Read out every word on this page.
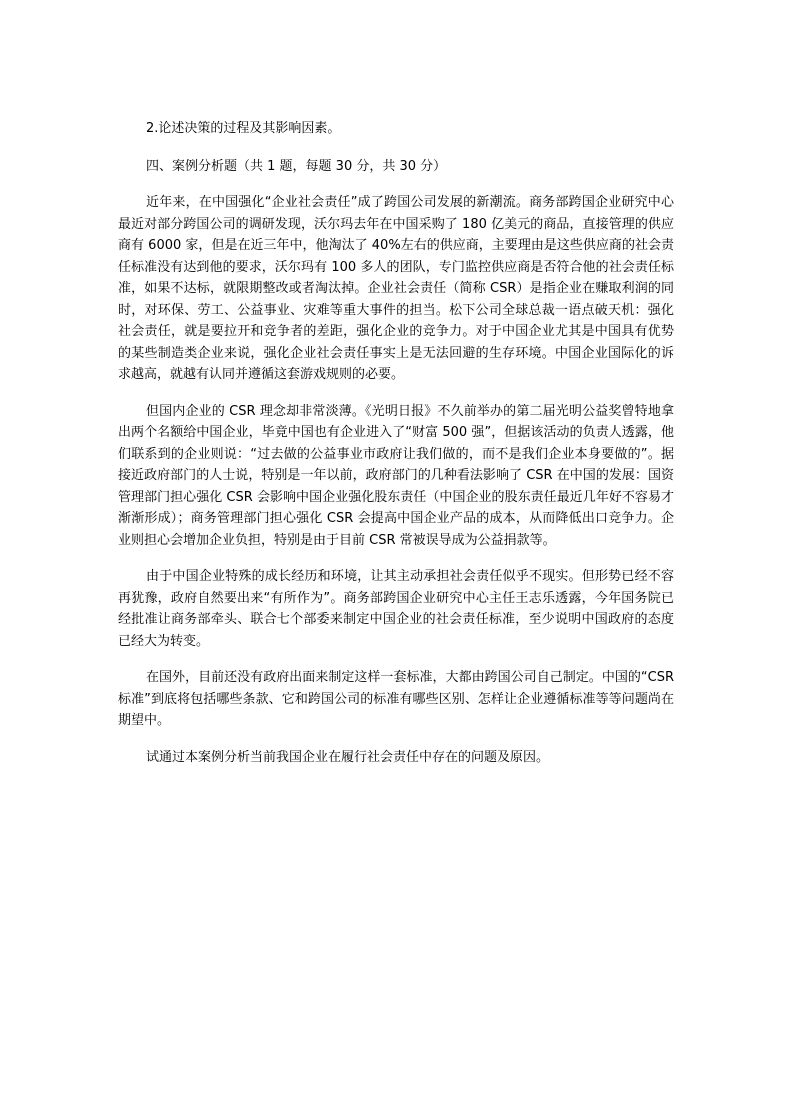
2.论述决策的过程及其影响因素。

四、案例分析题（共 1 题，每题 30 分，共 30 分）

近年来，在中国强化“企业社会责任”成了跨国公司发展的新潮流。商务部跨国企业研究中心最近对部分跨国公司的调研发现，沃尔玛去年在中国采购了 180 亿美元的商品，直接管理的供应商有 6000 家，但是在近三年中，他淘汰了 40%左右的供应商，主要理由是这些供应商的社会责任标准没有达到他的要求，沃尔玛有 100 多人的团队，专门监控供应商是否符合他的社会责任标准，如果不达标，就限期整改或者淘汰掉。企业社会责任（简称 CSR）是指企业在赚取利润的同时，对环保、劳工、公益事业、灾难等重大事件的担当。松下公司全球总裁一语点破天机：强化社会责任，就是要拉开和竞争者的差距，强化企业的竞争力。对于中国企业尤其是中国具有优势的某些制造类企业来说，强化企业社会责任事实上是无法回避的生存环境。中国企业国际化的诉求越高，就越有认同并遵循这套游戏规则的必要。

但国内企业的 CSR 理念却非常淡薄。《光明日报》不久前举办的第二届光明公益奖曾特地拿出两个名额给中国企业，毕竟中国也有企业进入了“财富 500 强”，但据该活动的负责人透露，他们联系到的企业则说：“过去做的公益事业市政府让我们做的，而不是我们企业本身要做的”。据接近政府部门的人士说，特别是一年以前，政府部门的几种看法影响了 CSR 在中国的发展：国资管理部门担心强化 CSR 会影响中国企业强化股东责任（中国企业的股东责任最近几年好不容易才渐渐形成）；商务管理部门担心强化 CSR 会提高中国企业产品的成本，从而降低出口竞争力。企业则担心会增加企业负担，特别是由于目前 CSR 常被误导成为公益捐款等。

由于中国企业特殊的成长经历和环境，让其主动承担社会责任似乎不现实。但形势已经不容再犹豫，政府自然要出来“有所作为”。商务部跨国企业研究中心主任王志乐透露，今年国务院已经批准让商务部牵头、联合七个部委来制定中国企业的社会责任标准，至少说明中国政府的态度已经大为转变。

在国外，目前还没有政府出面来制定这样一套标准，大都由跨国公司自己制定。中国的“CSR 标准”到底将包括哪些条款、它和跨国公司的标准有哪些区别、怎样让企业遵循标准等等问题尚在期望中。

试通过本案例分析当前我国企业在履行社会责任中存在的问题及原因。
